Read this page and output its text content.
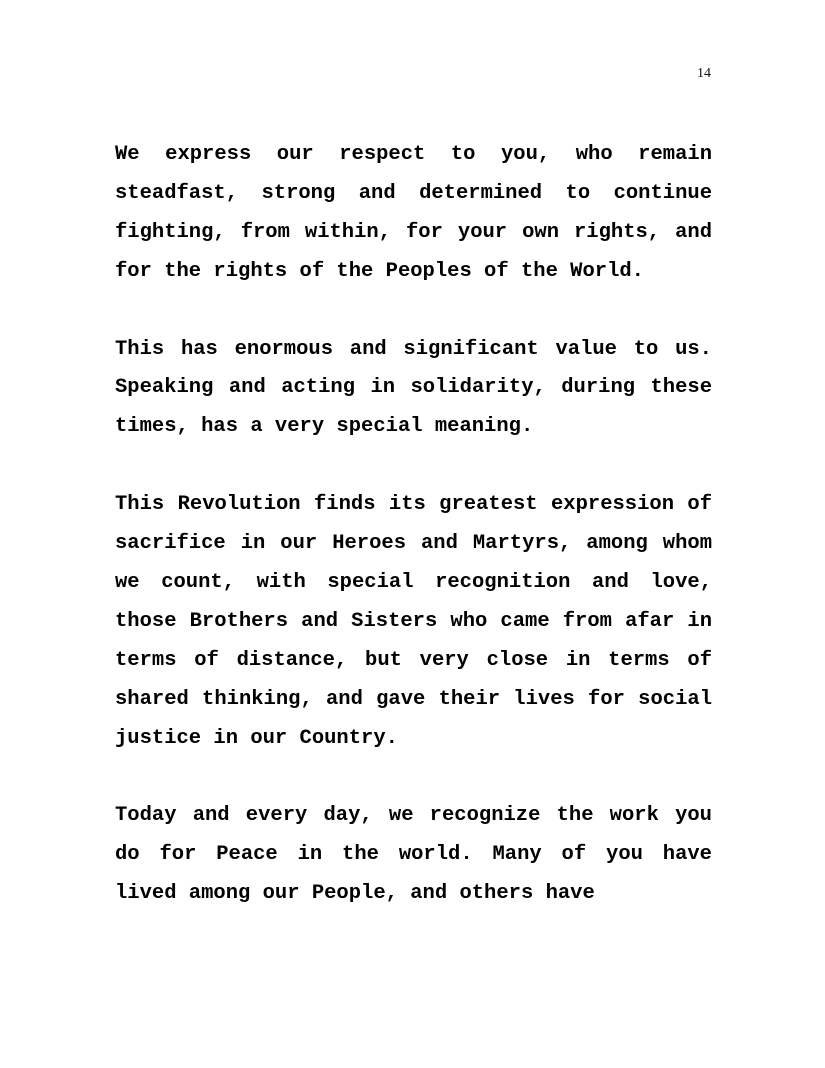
14

We express our respect to you, who remain steadfast, strong and determined to continue fighting, from within, for your own rights, and for the rights of the Peoples of the World.

This has enormous and significant value to us. Speaking and acting in solidarity, during these times, has a very special meaning.

This Revolution finds its greatest expression of sacrifice in our Heroes and Martyrs, among whom we count, with special recognition and love, those Brothers and Sisters who came from afar in terms of distance, but very close in terms of shared thinking, and gave their lives for social justice in our Country.

Today and every day, we recognize the work you do for Peace in the world. Many of you have lived among our People, and others have
